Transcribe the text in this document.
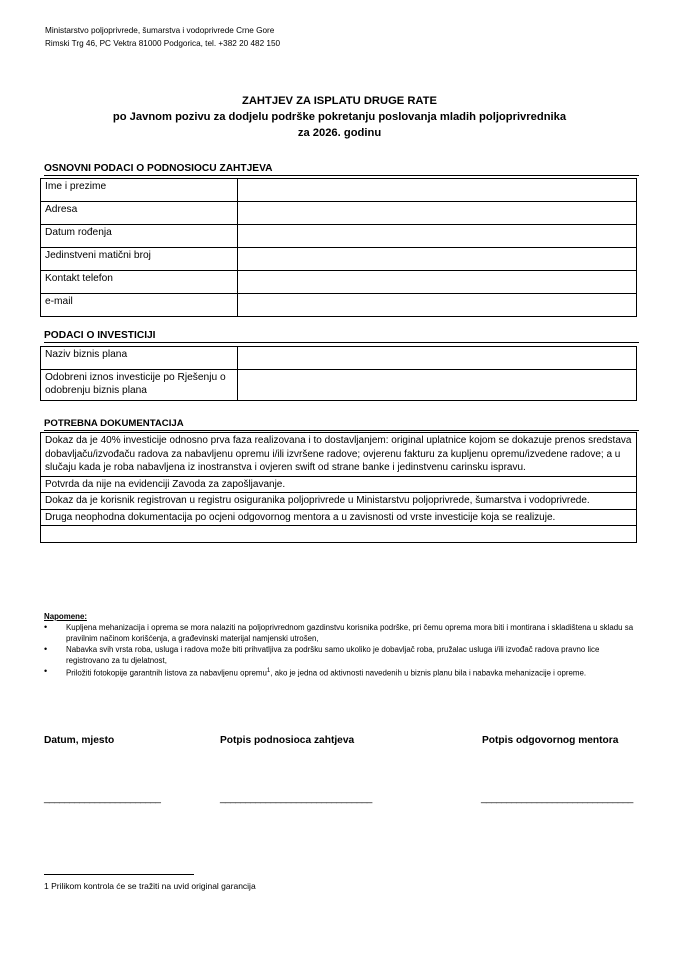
Ministarstvo poljoprivrede, šumarstva i vodoprivrede Crne Gore
Rimski Trg 46, PC Vektra 81000 Podgorica, tel. +382 20 482 150
ZAHTJEV ZA ISPLATU DRUGE RATE
po Javnom pozivu za dodjelu podrške pokretanju poslovanja mladih poljoprivrednika
za 2026. godinu
OSNOVNI PODACI O PODNOSIOCU ZAHTJEVA
Ime i prezime	
Adresa	
Datum rođenja	
Jedinstveni matični broj	
Kontakt telefon	
e-mail	
PODACI O INVESTICIJI
Naziv biznis plana	
Odobreni iznos investicije po Rješenju o odobrenju biznis plana	
POTREBNA DOKUMENTACIJA
Dokaz da je 40% investicije odnosno prva faza realizovana i to dostavljanjem: original uplatnice kojom se dokazuje prenos sredstava dobavljaču/izvođaču radova za nabavljenu opremu i/ili izvršene radove; ovjerenu fakturu za kupljenu opremu/izvedene radove; a u slučaju kada je roba nabavljena iz inostranstva i ovjeren swift od strane banke i jedinstvenu carinsku ispravu.
Potvrda da nije na evidenciji Zavoda za zapošljavanje.
Dokaz da je korisnik registrovan u registru osiguranika poljoprivrede u Ministarstvu poljoprivrede, šumarstva i vodoprivrede.
Druga neophodna dokumentacija po ocjeni odgovornog mentora a u zavisnosti od vrste investicije koja se realizuje.

Napomene:
• Kupljena mehanizacija i oprema se mora nalaziti na poljoprivrednom gazdinstvu korisnika podrške, pri čemu oprema mora biti i montirana i skladištena u skladu sa pravilnim načinom korišćenja, a građevinski materijal namjenski utrošen,
• Nabavka svih vrsta roba, usluga i radova može biti prihvatljiva za podršku samo ukoliko je dobavljač roba, pružalac usluga i/ili izvođač radova pravno lice registrovano za tu djelatnost,
• Priložiti fotokopije garantnih listova za nabavljenu opremu$^1$, ako je jedna od aktivnosti navedenih u biznis planu bila i nabavka mehanizacije i opreme.
Datum, mjesto	Potpis podnosioca zahtjeva	Potpis odgovornog mentora
_______________________	______________________________	______________________________
1 Prilikom kontrola će se tražiti na uvid original garancija
